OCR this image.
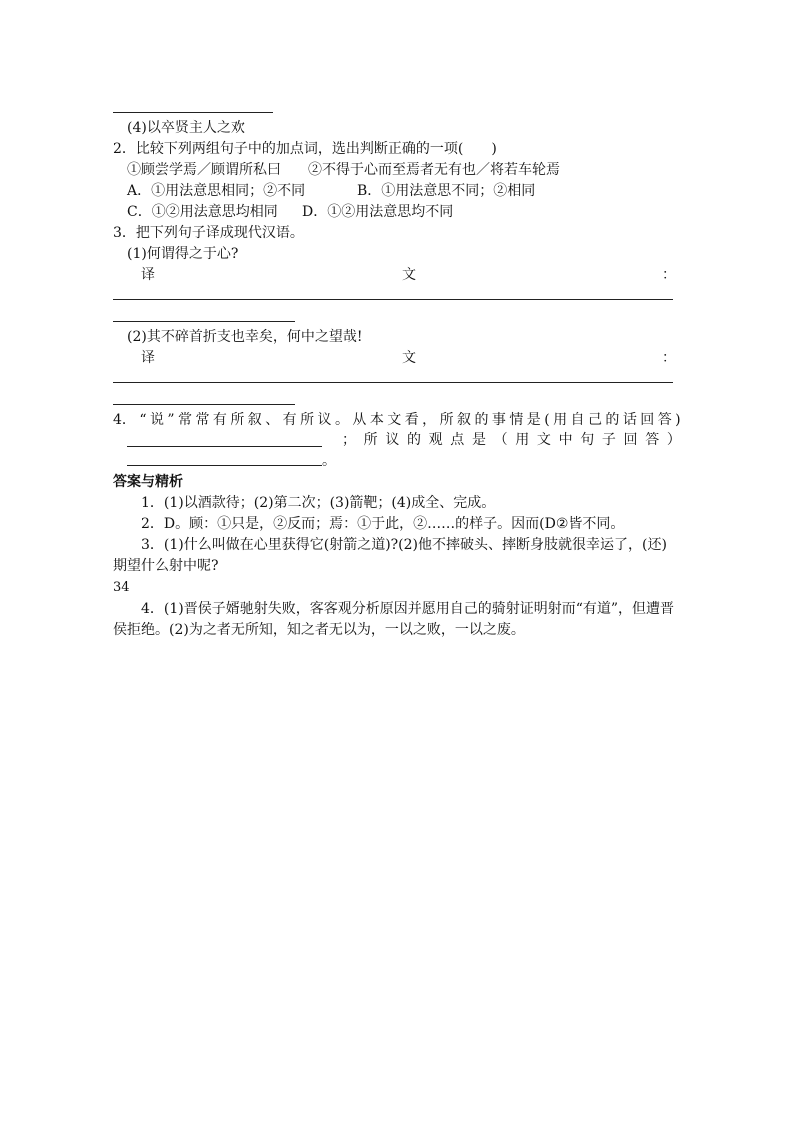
(4)以卒贤主人之欢
2．比较下列两组句子中的加点词，选出判断正确的一项(　　)
①顾尝学焉／顾谓所私曰 ②不得于心而至焉者无有也／将若车轮焉
A．①用法意思相同；②不同	B．①用法意思不同；②相同
C．①②用法意思均相同 D．①②用法意思均不同
3．把下列句子译成现代汉语。
(1)何谓得之于心?
译	文	：
(2)其不碎首折支也幸矣，何中之望哉!
译	文	：
4． “ 说 ” 常 常 有 所 叙 、 有 所 议 。 从 本 文 看 ， 所 叙 的 事 情 是 ( 用 自 己 的 话 回 答 )
； 所 议 的 观 点 是 （ 用 文 中 句 子 回 答 ）
。
答案与精析
1．(1)以酒款待；(2)第二次；(3)箭靶；(4)成全、完成。
2．D。顾：①只是，②反而；焉：①于此，②……的样子。因而(D②皆不同。
3．(1)什么叫做在心里获得它(射箭之道)?(2)他不摔破头、摔断身肢就很幸运了，(还)
期望什么射中呢?
34
4．(1)晋侯子婿驰射失败，客客观分析原因并愿用自己的骑射证明射而“有道”，但遭晋
侯拒绝。(2)为之者无所知，知之者无以为，一以之败，一以之废。
